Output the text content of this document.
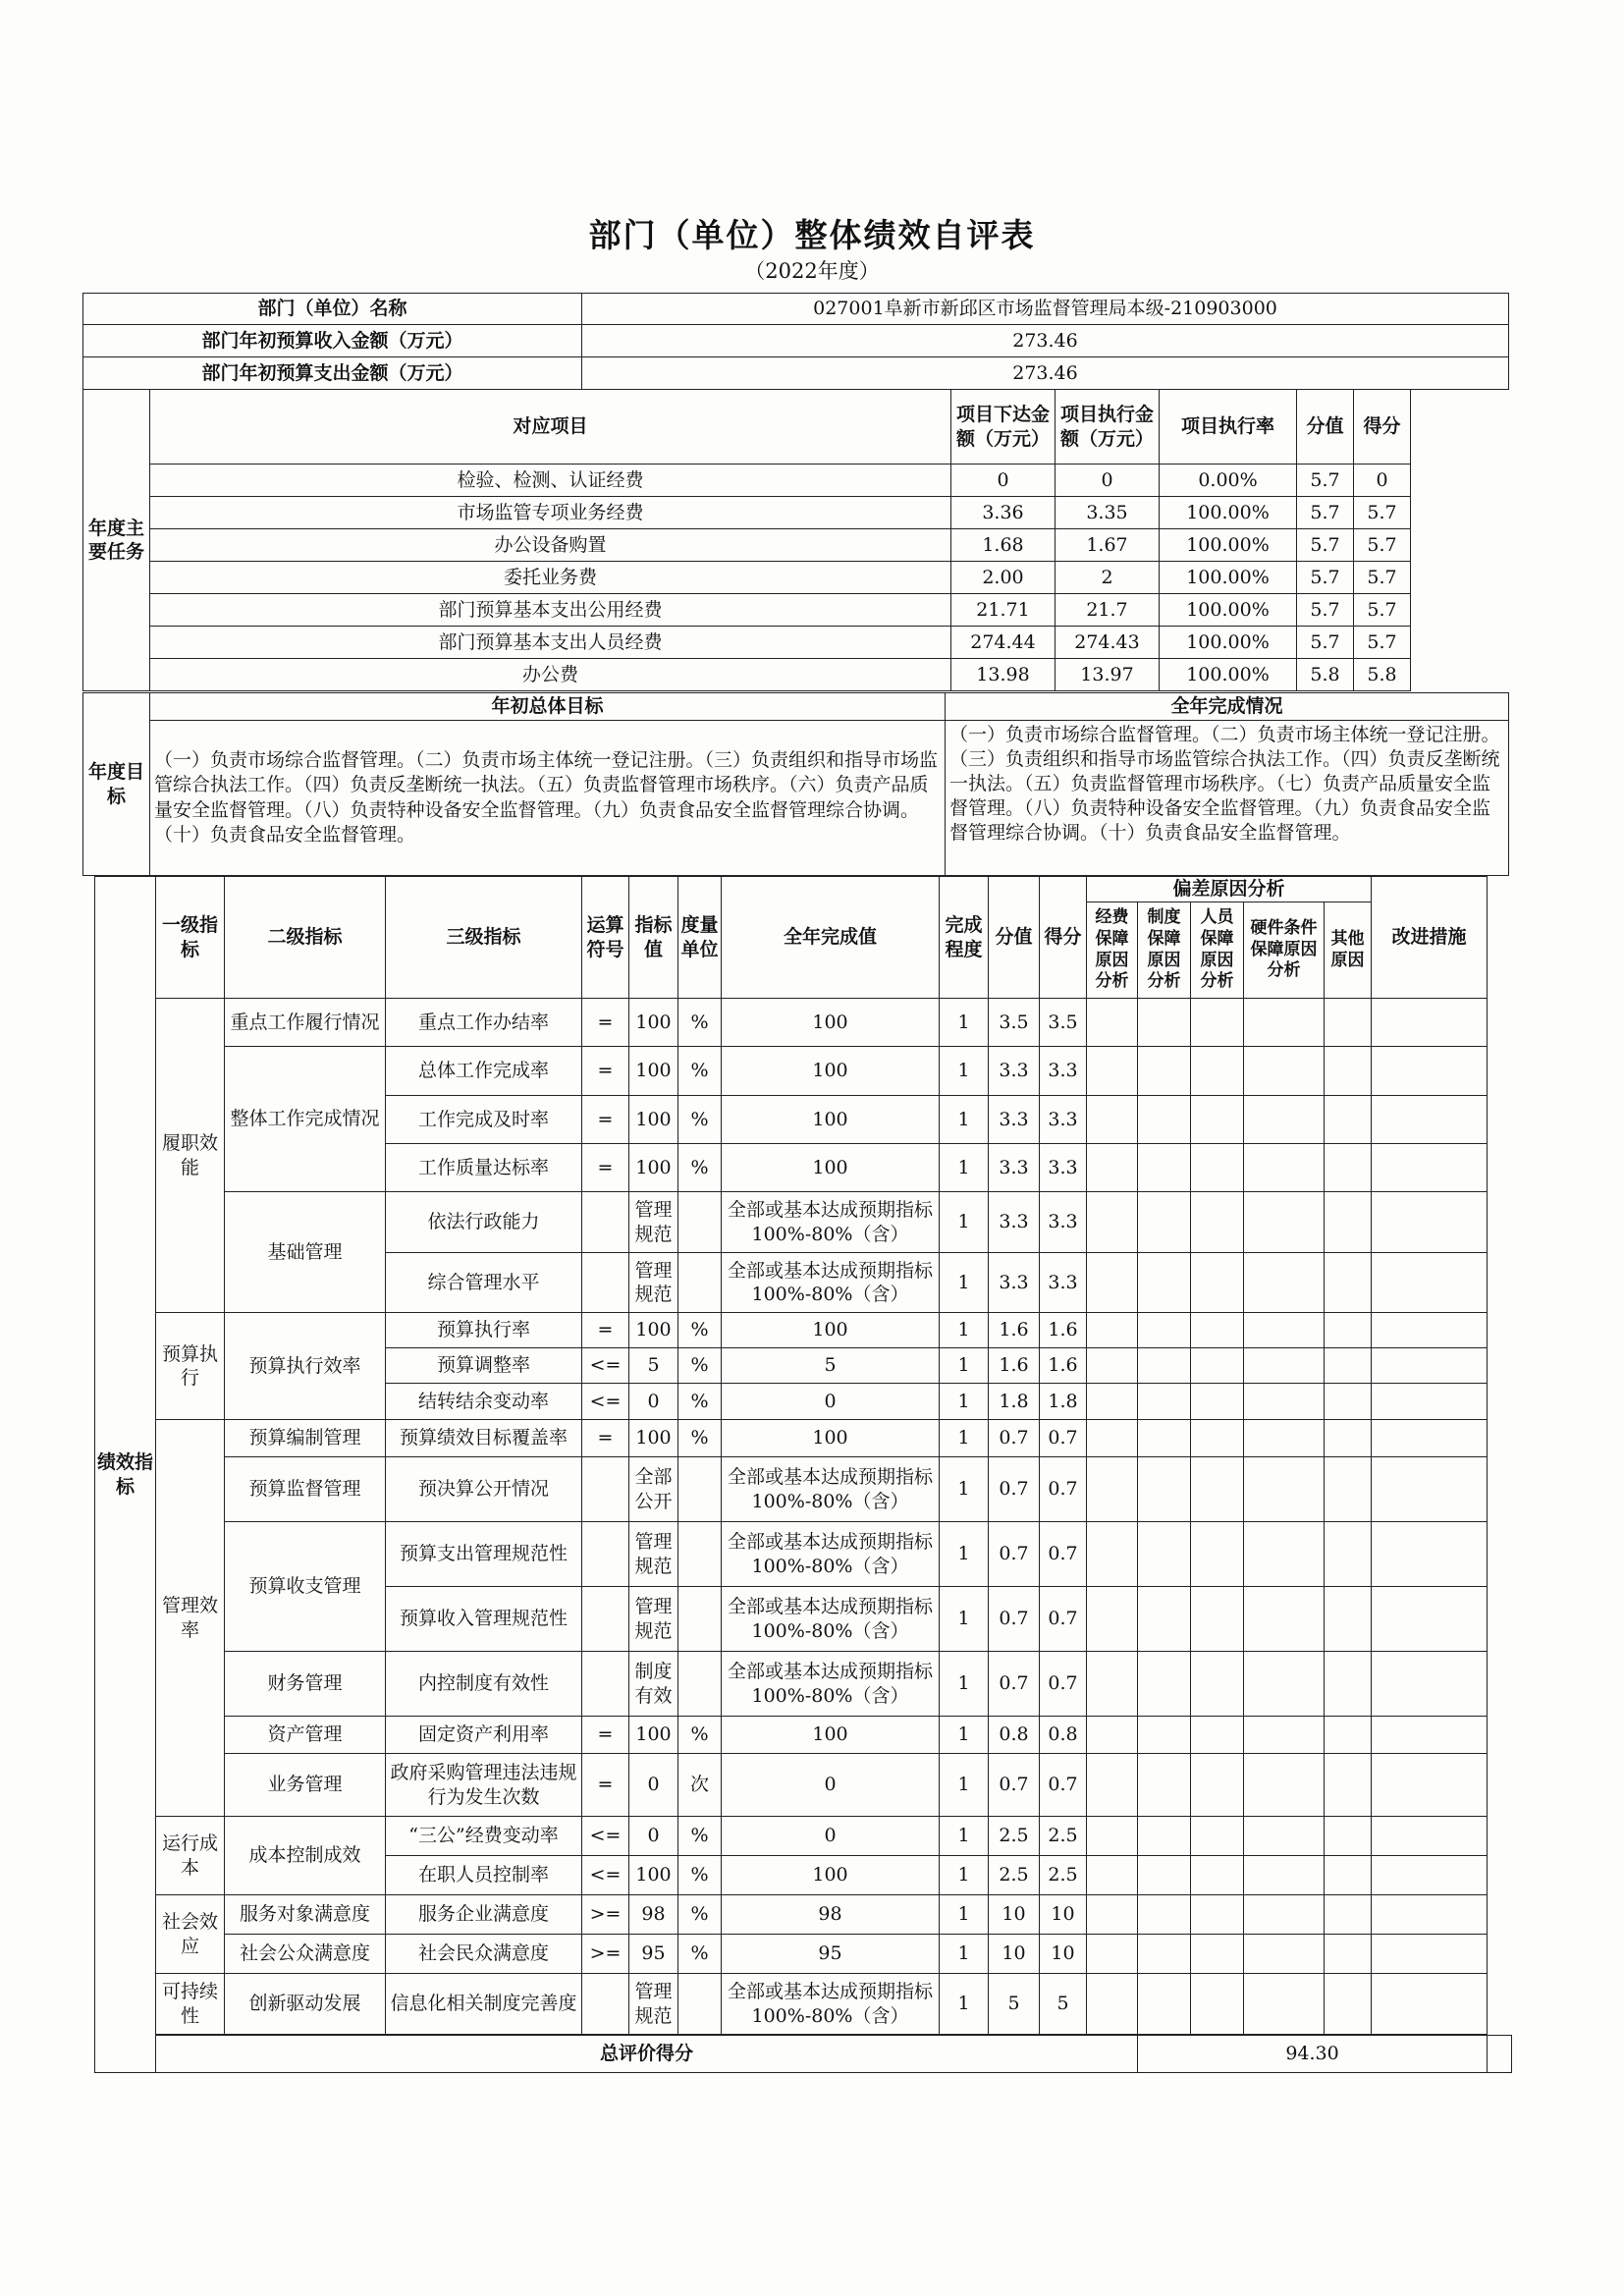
部门（单位）整体绩效自评表
（2022年度）
部门（单位）名称	027001阜新市新邱区市场监督管理局本级-210903000
部门年初预算收入金额（万元）	273.46
部门年初预算支出金额（万元）	273.46
年度主要任务	对应项目	项目下达金额（万元）	项目执行金额（万元）	项目执行率	分值	得分
	检验、检测、认证经费	0	0	0.00%	5.7	0
	市场监管专项业务经费	3.36	3.35	100.00%	5.7	5.7
	办公设备购置	1.68	1.67	100.00%	5.7	5.7
	委托业务费	2.00	2	100.00%	5.7	5.7
	部门预算基本支出公用经费	21.71	21.7	100.00%	5.7	5.7
	部门预算基本支出人员经费	274.44	274.43	100.00%	5.7	5.7
	办公费	13.98	13.97	100.00%	5.8	5.8
年度目标	年初总体目标	全年完成情况
	（一）负责市场综合监督管理。（二）负责市场主体统一登记注册。（三）负责组织和指导市场监管综合执法工作。（四）负责反垄断统一执法。（五）负责监督管理市场秩序。（六）负责产品质量安全监督管理。（八）负责特种设备安全监督管理。（九）负责食品安全监督管理综合协调。（十）负责食品安全监督管理。	（一）负责市场综合监督管理。（二）负责市场主体统一登记注册。（三）负责组织和指导市场监管综合执法工作。（四）负责反垄断统一执法。（五）负责监督管理市场秩序。（七）负责产品质量安全监督管理。（八）负责特种设备安全监督管理。（九）负责食品安全监督管理综合协调。（十）负责食品安全监督管理。
绩效指标	一级指标	二级指标	三级指标	运算符号	指标值	度量单位	全年完成值	完成程度	分值	得分	偏差原因分析					改进措施	
											经费保障原因分析	制度保障原因分析	人员保障原因分析	硬件条件保障原因分析	其他原因		
	履职效能	重点工作履行情况	重点工作办结率	=	100	%	100	1	3.5	3.5							
		整体工作完成情况	总体工作完成率	=	100	%	100	1	3.3	3.3							
			工作完成及时率	=	100	%	100	1	3.3	3.3							
			工作质量达标率	=	100	%	100	1	3.3	3.3							
		基础管理	依法行政能力		管理规范		全部或基本达成预期指标100%-80%（含）	1	3.3	3.3							
			综合管理水平		管理规范		全部或基本达成预期指标100%-80%（含）	1	3.3	3.3							
	预算执行	预算执行效率	预算执行率	=	100	%	100	1	1.6	1.6							
			预算调整率	<=	5	%	5	1	1.6	1.6							
			结转结余变动率	<=	0	%	0	1	1.8	1.8							
	管理效率	预算编制管理	预算绩效目标覆盖率	=	100	%	100	1	0.7	0.7							
		预算监督管理	预决算公开情况		全部公开		全部或基本达成预期指标100%-80%（含）	1	0.7	0.7							
		预算收支管理	预算支出管理规范性		管理规范		全部或基本达成预期指标100%-80%（含）	1	0.7	0.7							
			预算收入管理规范性		管理规范		全部或基本达成预期指标100%-80%（含）	1	0.7	0.7							
		财务管理	内控制度有效性		制度有效		全部或基本达成预期指标100%-80%（含）	1	0.7	0.7							
		资产管理	固定资产利用率	=	100	%	100	1	0.8	0.8							
		业务管理	政府采购管理违法违规行为发生次数	=	0	次	0	1	0.7	0.7							
	运行成本	成本控制成效	“三公”经费变动率	<=	0	%	0	1	2.5	2.5							
			在职人员控制率	<=	100	%	100	1	2.5	2.5							
	社会效应	服务对象满意度	服务企业满意度	>=	98	%	98	1	10	10							
		社会公众满意度	社会民众满意度	>=	95	%	95	1	10	10							
	可持续性	创新驱动发展	信息化相关制度完善度		管理规范		全部或基本达成预期指标100%-80%（含）	1	5	5							

	总评价得分											94.30					
